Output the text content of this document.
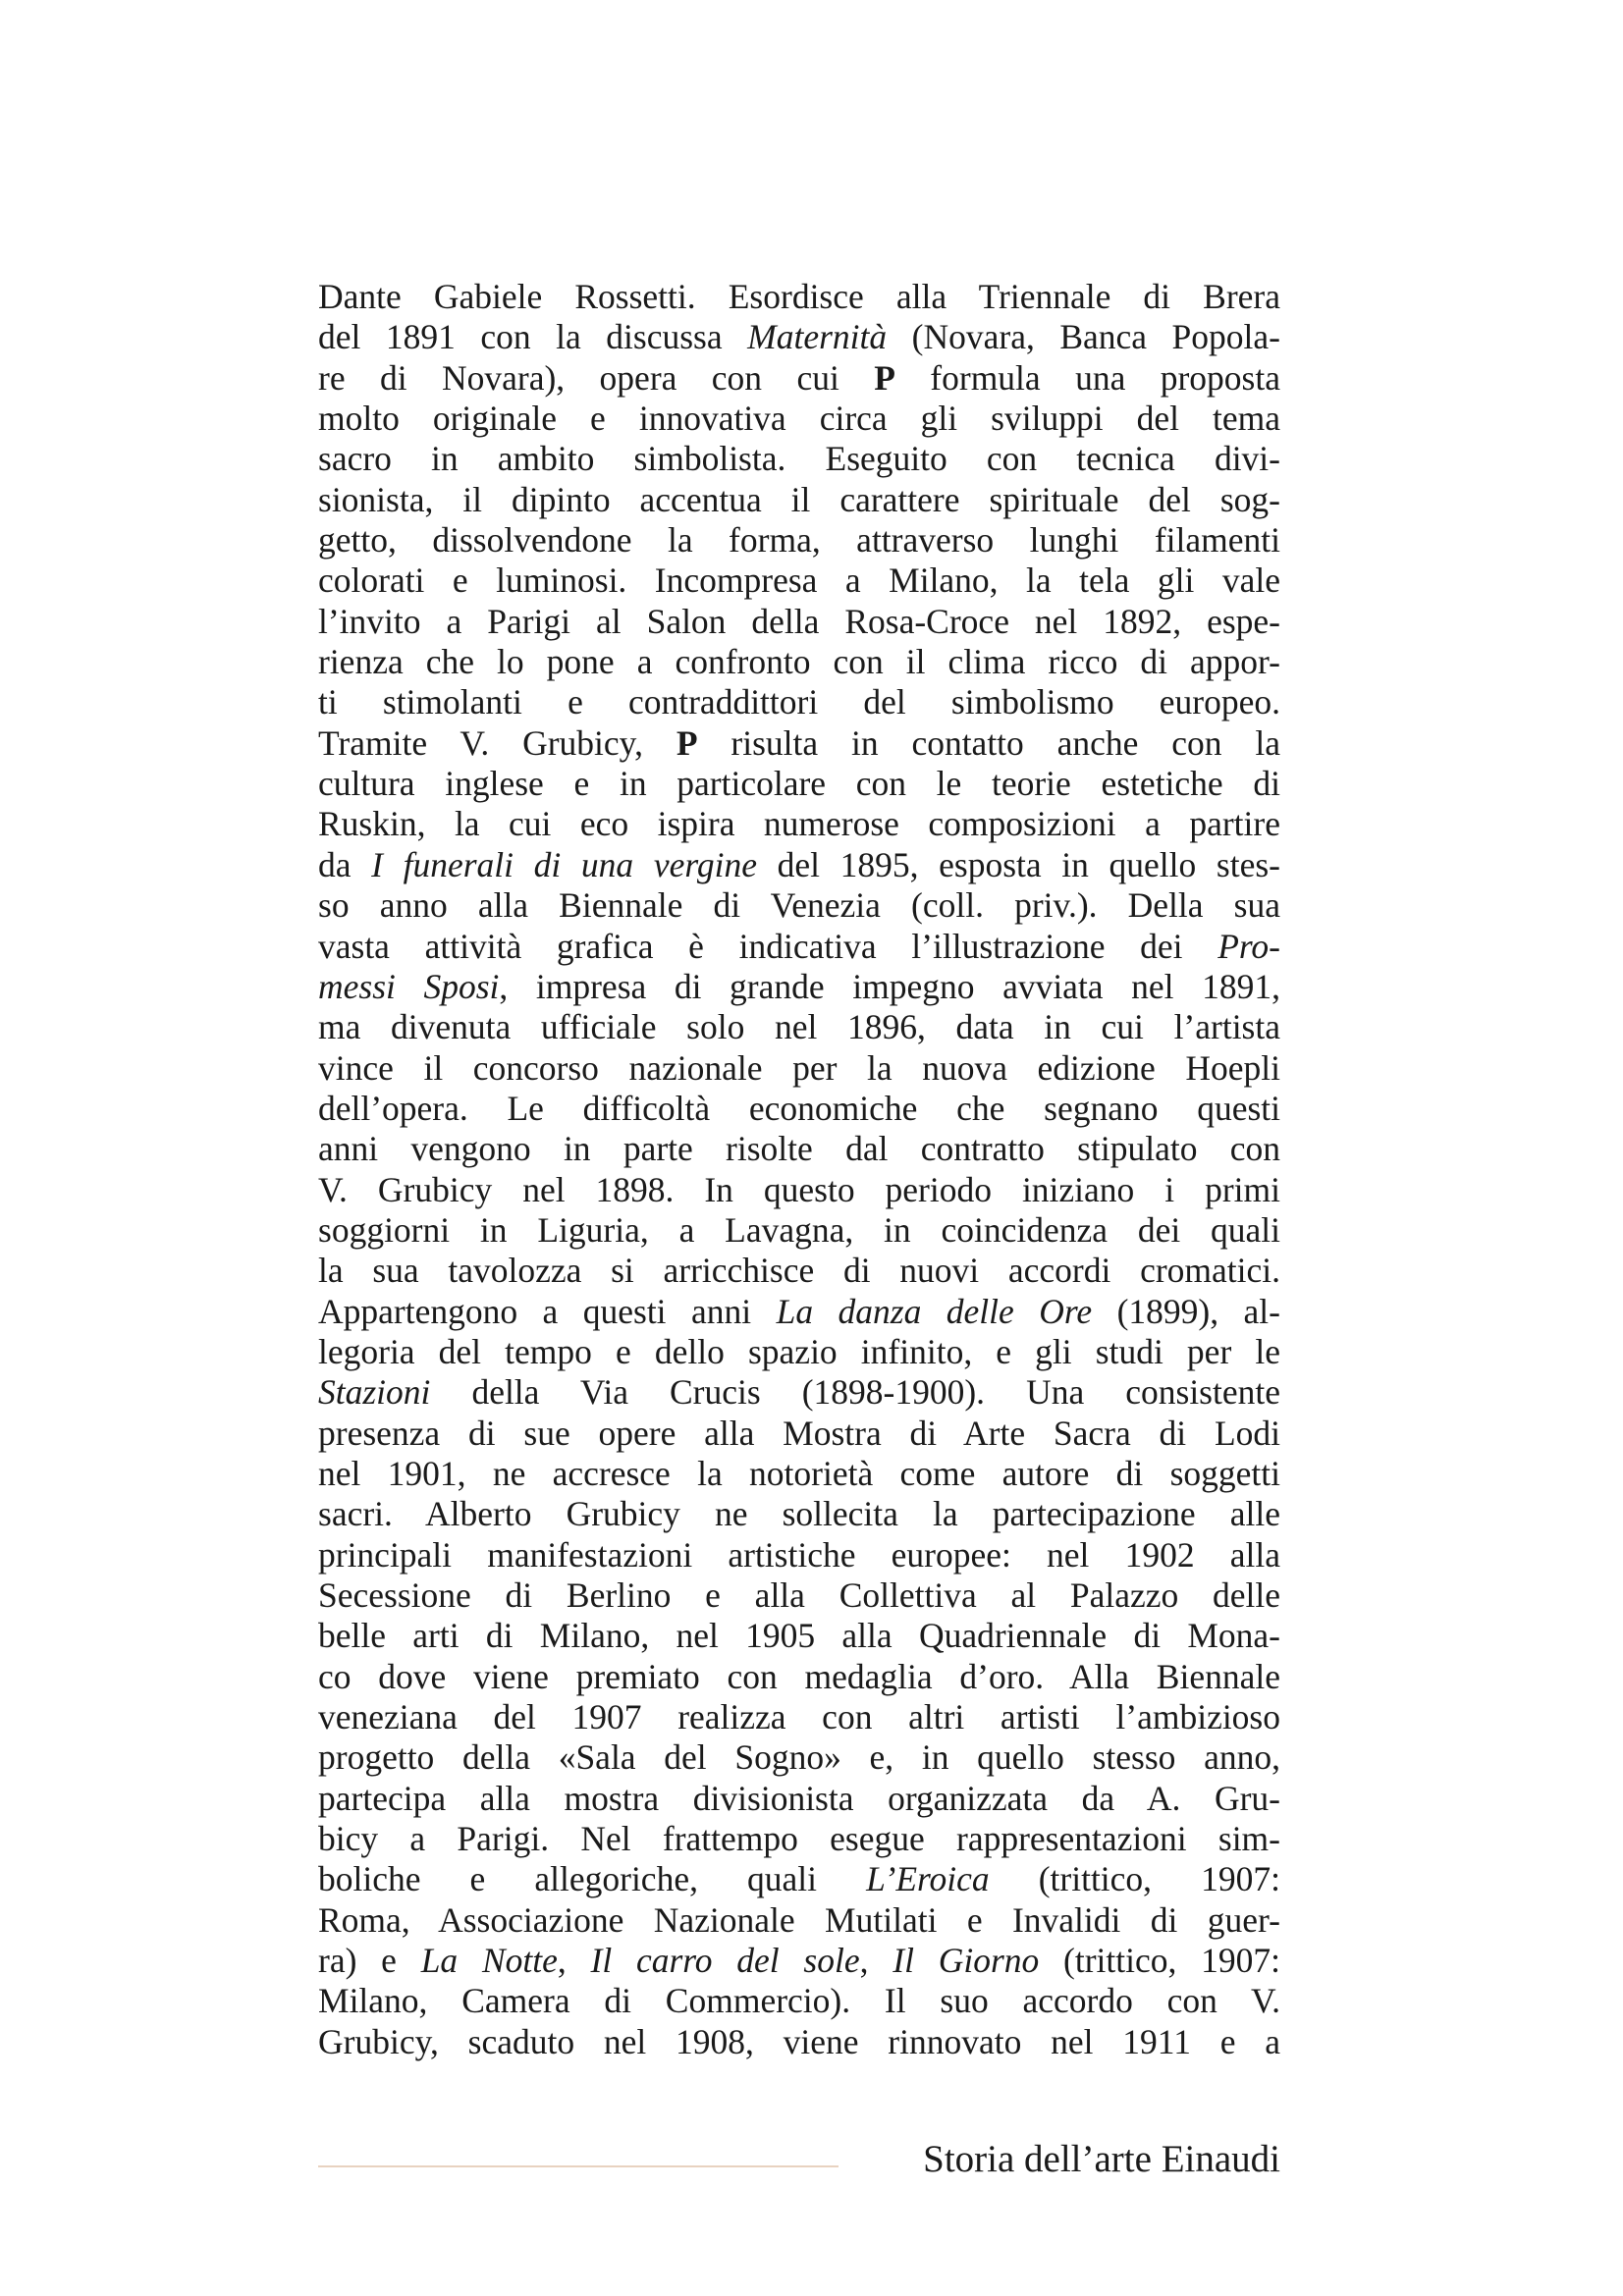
Dante Gabiele Rossetti. Esordisce alla Triennale di Brera
del 1891 con la discussa Maternità (Novara, Banca Popola-
re di Novara), opera con cui P formula una proposta
molto originale e innovativa circa gli sviluppi del tema
sacro in ambito simbolista. Eseguito con tecnica divi-
sionista, il dipinto accentua il carattere spirituale del sog-
getto, dissolvendone la forma, attraverso lunghi filamenti
colorati e luminosi. Incompresa a Milano, la tela gli vale
l’invito a Parigi al Salon della Rosa-Croce nel 1892, espe-
rienza che lo pone a confronto con il clima ricco di appor-
ti stimolanti e contraddittori del simbolismo europeo.
Tramite V. Grubicy, P risulta in contatto anche con la
cultura inglese e in particolare con le teorie estetiche di
Ruskin, la cui eco ispira numerose composizioni a partire
da I funerali di una vergine del 1895, esposta in quello stes-
so anno alla Biennale di Venezia (coll. priv.). Della sua
vasta attività grafica è indicativa l’illustrazione dei Pro-
messi Sposi, impresa di grande impegno avviata nel 1891,
ma divenuta ufficiale solo nel 1896, data in cui l’artista
vince il concorso nazionale per la nuova edizione Hoepli
dell’opera. Le difficoltà economiche che segnano questi
anni vengono in parte risolte dal contratto stipulato con
V. Grubicy nel 1898. In questo periodo iniziano i primi
soggiorni in Liguria, a Lavagna, in coincidenza dei quali
la sua tavolozza si arricchisce di nuovi accordi cromatici.
Appartengono a questi anni La danza delle Ore (1899), al-
legoria del tempo e dello spazio infinito, e gli studi per le
Stazioni della Via Crucis (1898-1900). Una consistente
presenza di sue opere alla Mostra di Arte Sacra di Lodi
nel 1901, ne accresce la notorietà come autore di soggetti
sacri. Alberto Grubicy ne sollecita la partecipazione alle
principali manifestazioni artistiche europee: nel 1902 alla
Secessione di Berlino e alla Collettiva al Palazzo delle
belle arti di Milano, nel 1905 alla Quadriennale di Mona-
co dove viene premiato con medaglia d’oro. Alla Biennale
veneziana del 1907 realizza con altri artisti l’ambizioso
progetto della «Sala del Sogno» e, in quello stesso anno,
partecipa alla mostra divisionista organizzata da A. Gru-
bicy a Parigi. Nel frattempo esegue rappresentazioni sim-
boliche e allegoriche, quali L’Eroica (trittico, 1907:
Roma, Associazione Nazionale Mutilati e Invalidi di guer-
ra) e La Notte, Il carro del sole, Il Giorno (trittico, 1907:
Milano, Camera di Commercio). Il suo accordo con V.
Grubicy, scaduto nel 1908, viene rinnovato nel 1911 e a
Storia dell’arte Einaudi
